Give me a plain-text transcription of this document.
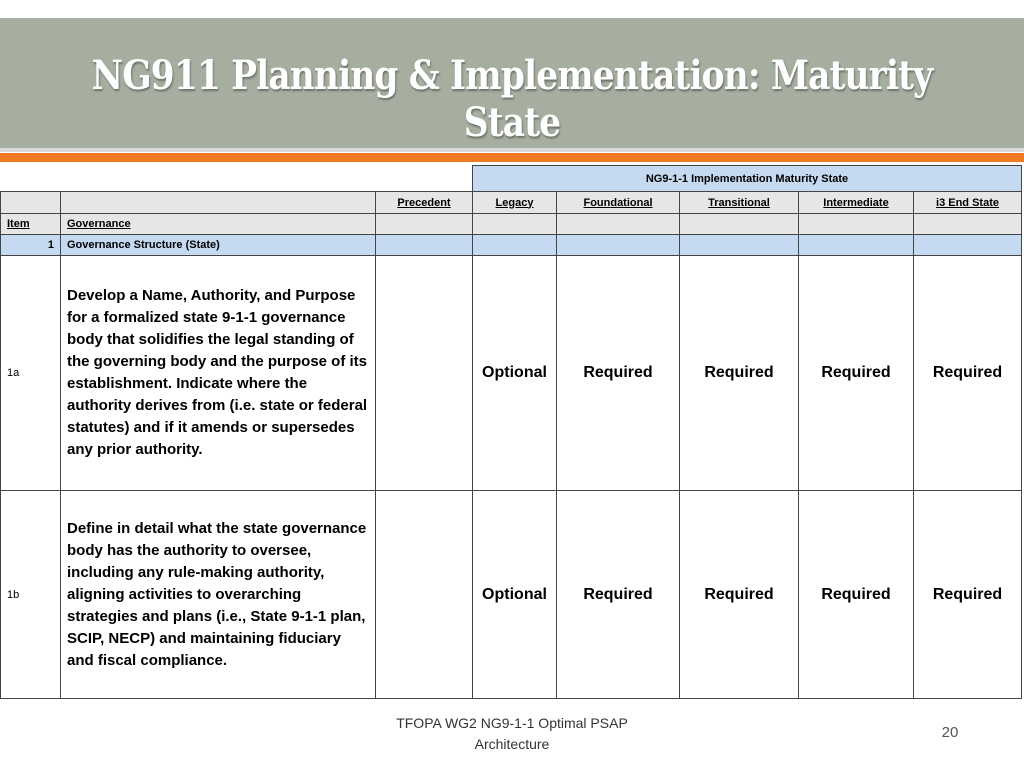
NG911 Planning & Implementation: Maturity State
			NG9-1-1 Implementation Maturity State				
		Precedent	Legacy	Foundational	Transitional	Intermediate	i3 End State
Item	Governance						
1	Governance Structure (State)						
1a	Develop a Name, Authority, and Purpose for a formalized state 9-1-1 governance body that solidifies the legal standing of the governing body and the purpose of its establishment. Indicate where the authority derives from (i.e. state or federal statutes) and if it amends or supersedes any prior authority.		Optional	Required	Required	Required	Required
1b	Define in detail what the state governance body has the authority to oversee, including any rule-making authority, aligning activities to overarching strategies and plans (i.e., State 9-1-1 plan, SCIP, NECP) and maintaining fiduciary and fiscal compliance.		Optional	Required	Required	Required	Required
TFOPA WG2 NG9-1-1 Optimal PSAP Architecture
20
